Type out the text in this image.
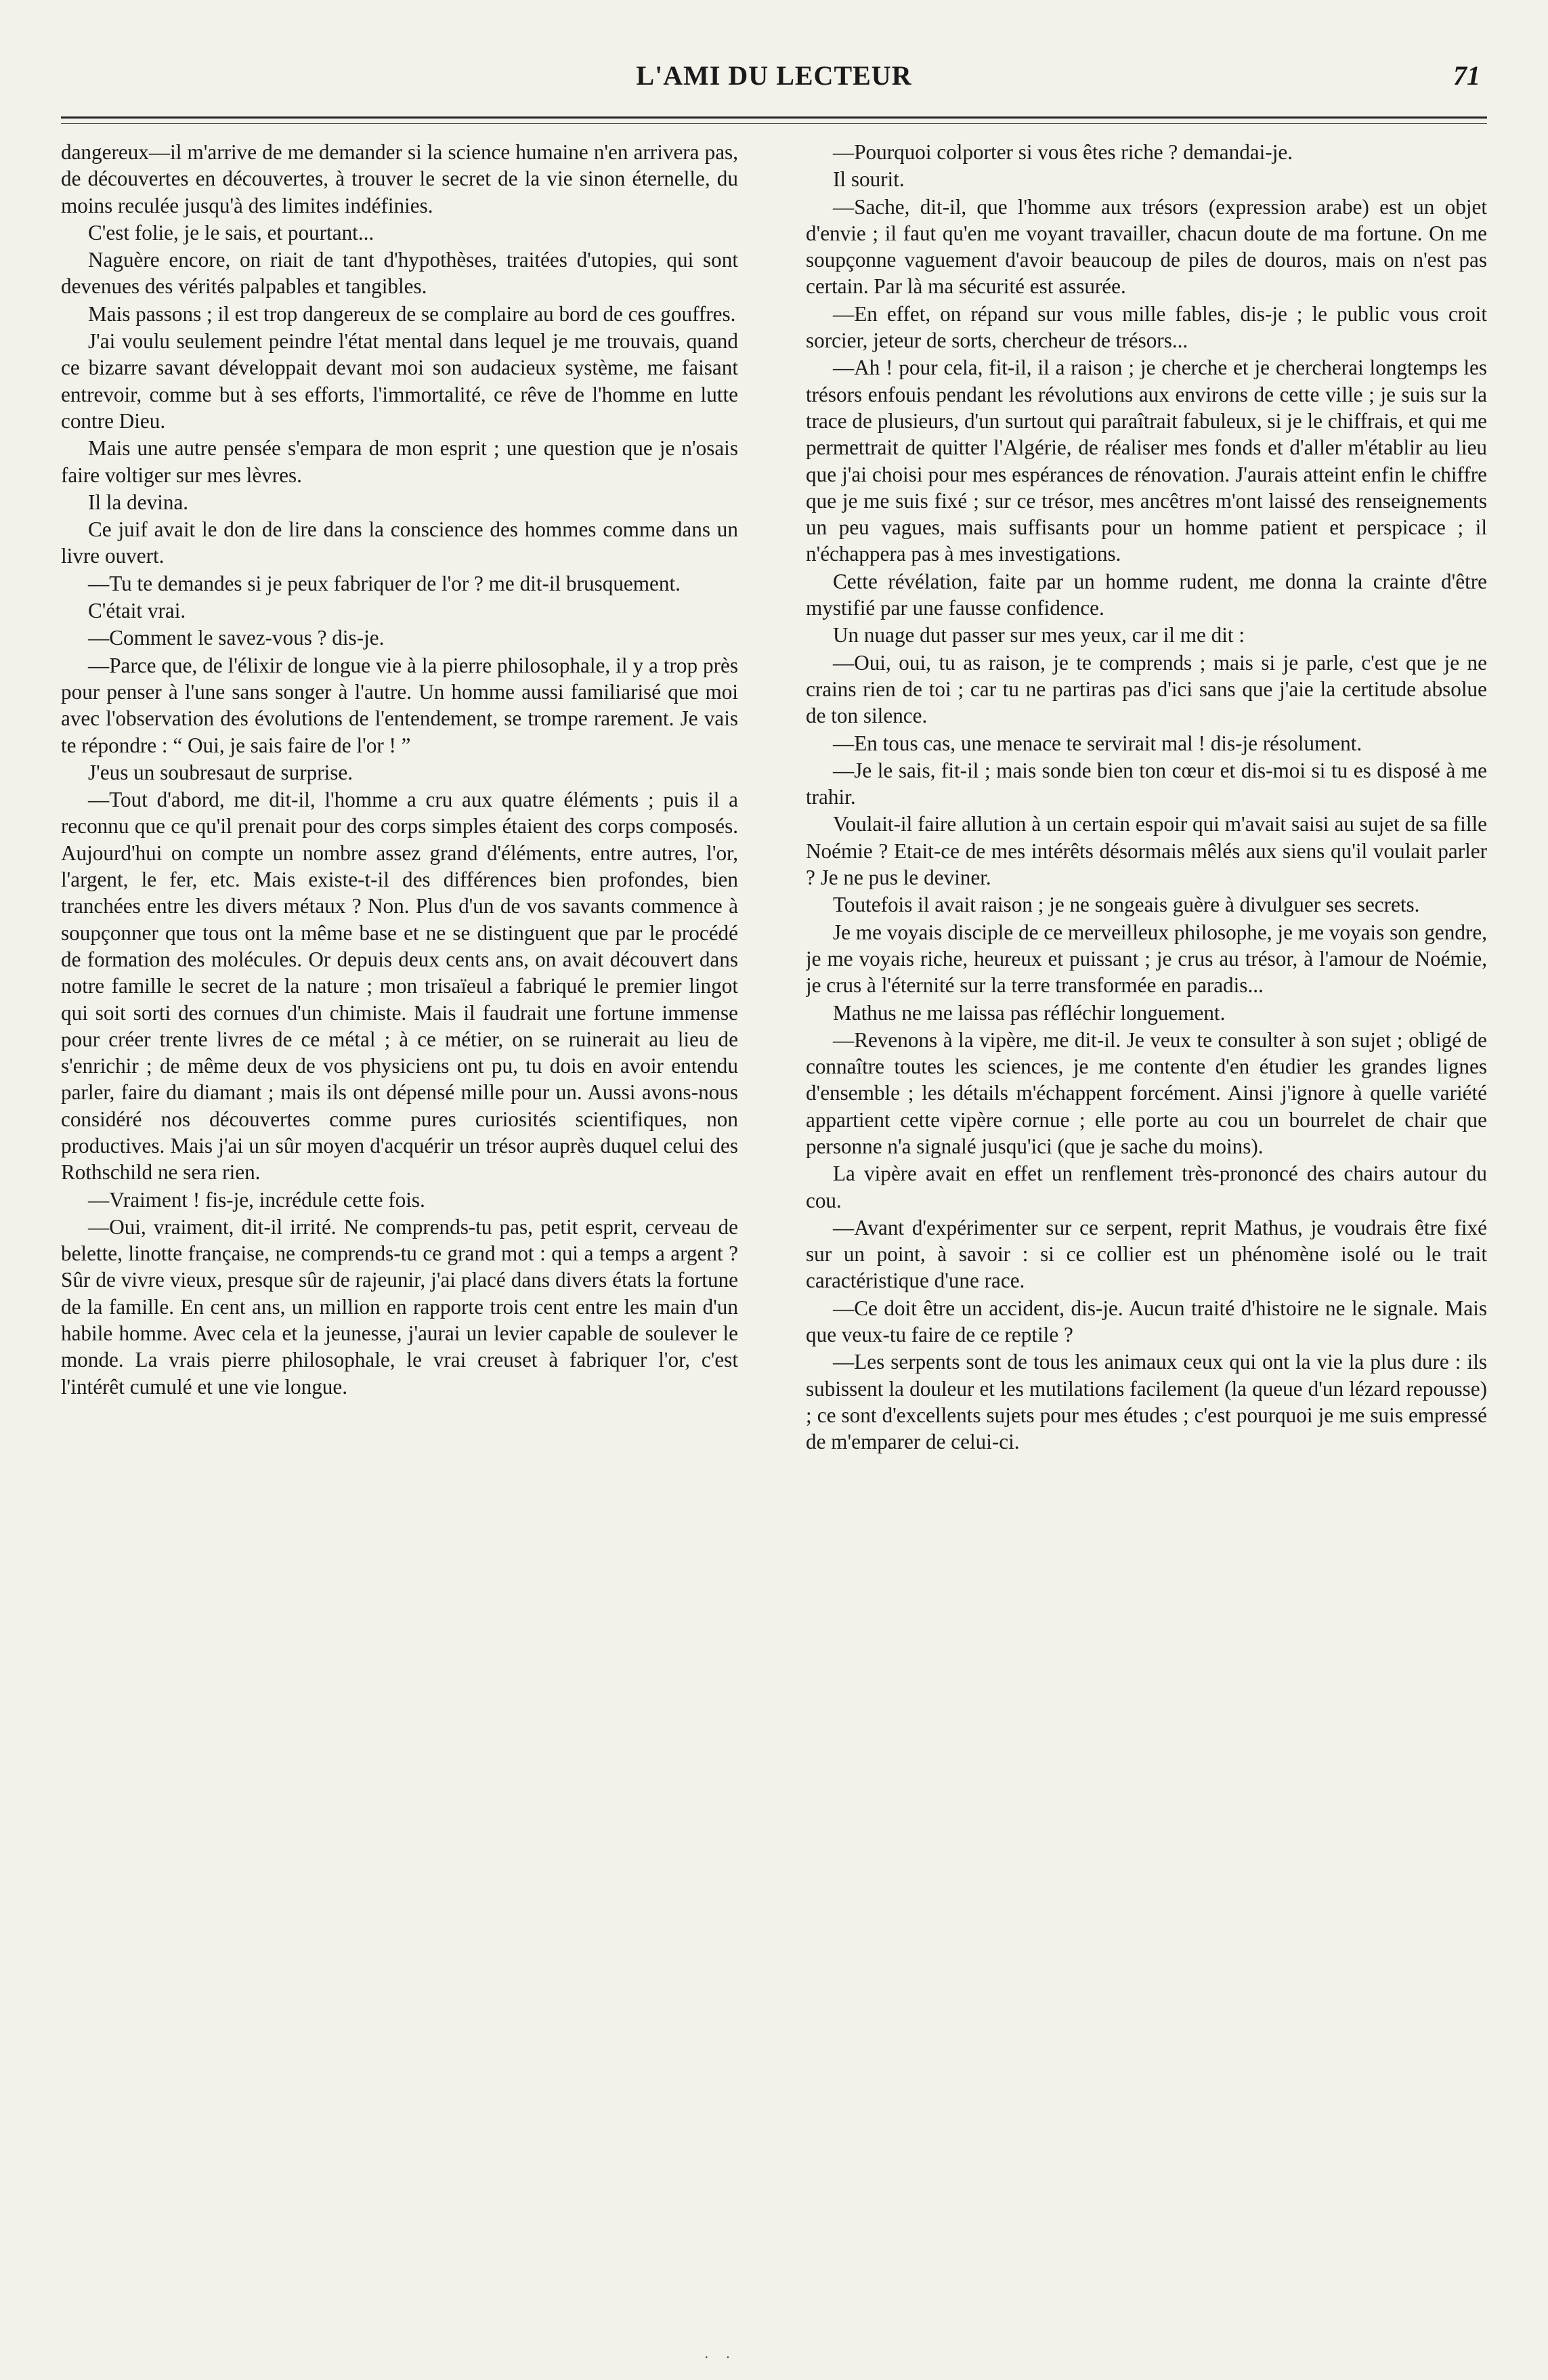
L'AMI DU LECTEUR	71

dangereux—il m'arrive de me demander si la science humaine n'en arrivera pas, de découvertes en découvertes, à trouver le secret de la vie sinon éternelle, du moins reculée jusqu'à des limites indéfinies.

C'est folie, je le sais, et pourtant...

Naguère encore, on riait de tant d'hypothèses, traitées d'utopies, qui sont devenues des vérités palpables et tangibles.

Mais passons ; il est trop dangereux de se complaire au bord de ces gouffres.

J'ai voulu seulement peindre l'état mental dans lequel je me trouvais, quand ce bizarre savant développait devant moi son audacieux système, me faisant entrevoir, comme but à ses efforts, l'immortalité, ce rêve de l'homme en lutte contre Dieu.

Mais une autre pensée s'empara de mon esprit ; une question que je n'osais faire voltiger sur mes lèvres.

Il la devina.

Ce juif avait le don de lire dans la conscience des hommes comme dans un livre ouvert.

—Tu te demandes si je peux fabriquer de l'or ? me dit-il brusquement.

C'était vrai.

—Comment le savez-vous ? dis-je.

—Parce que, de l'élixir de longue vie à la pierre philosophale, il y a trop près pour penser à l'une sans songer à l'autre. Un homme aussi familiarisé que moi avec l'observation des évolutions de l'entendement, se trompe rarement. Je vais te répondre : “ Oui, je sais faire de l'or ! ”

J'eus un soubresaut de surprise.

—Tout d'abord, me dit-il, l'homme a cru aux quatre éléments ; puis il a reconnu que ce qu'il prenait pour des corps simples étaient des corps composés. Aujourd'hui on compte un nombre assez grand d'éléments, entre autres, l'or, l'argent, le fer, etc. Mais existe-t-il des différences bien profondes, bien tranchées entre les divers métaux ? Non. Plus d'un de vos savants commence à soupçonner que tous ont la même base et ne se distinguent que par le procédé de formation des molécules. Or depuis deux cents ans, on avait découvert dans notre famille le secret de la nature ; mon trisaïeul a fabriqué le premier lingot qui soit sorti des cornues d'un chimiste. Mais il faudrait une fortune immense pour créer trente livres de ce métal ; à ce métier, on se ruinerait au lieu de s'enrichir ; de même deux de vos physiciens ont pu, tu dois en avoir entendu parler, faire du diamant ; mais ils ont dépensé mille pour un. Aussi avons-nous considéré nos découvertes comme pures curiosités scientifiques, non productives. Mais j'ai un sûr moyen d'acquérir un trésor auprès duquel celui des Rothschild ne sera rien.

—Vraiment ! fis-je, incrédule cette fois.

—Oui, vraiment, dit-il irrité. Ne comprends-tu pas, petit esprit, cerveau de belette, linotte française, ne comprends-tu ce grand mot : qui a temps a argent ? Sûr de vivre vieux, presque sûr de rajeunir, j'ai placé dans divers états la fortune de la famille. En cent ans, un million en rapporte trois cent entre les main d'un habile homme. Avec cela et la jeunesse, j'aurai un levier capable de soulever le monde. La vrais pierre philosophale, le vrai creuset à fabriquer l'or, c'est l'intérêt cumulé et une vie longue.

—Pourquoi colporter si vous êtes riche ? demandai-je.

Il sourit.

—Sache, dit-il, que l'homme aux trésors (expression arabe) est un objet d'envie ; il faut qu'en me voyant travailler, chacun doute de ma fortune. On me soupçonne vaguement d'avoir beaucoup de piles de douros, mais on n'est pas certain. Par là ma sécurité est assurée.

—En effet, on répand sur vous mille fables, dis-je ; le public vous croit sorcier, jeteur de sorts, chercheur de trésors...

—Ah ! pour cela, fit-il, il a raison ; je cherche et je chercherai longtemps les trésors enfouis pendant les révolutions aux environs de cette ville ; je suis sur la trace de plusieurs, d'un surtout qui paraîtrait fabuleux, si je le chiffrais, et qui me permettrait de quitter l'Algérie, de réaliser mes fonds et d'aller m'établir au lieu que j'ai choisi pour mes espérances de rénovation. J'aurais atteint enfin le chiffre que je me suis fixé ; sur ce trésor, mes ancêtres m'ont laissé des renseignements un peu vagues, mais suffisants pour un homme patient et perspicace ; il n'échappera pas à mes investigations.

Cette révélation, faite par un homme rudent, me donna la crainte d'être mystifié par une fausse confidence.

Un nuage dut passer sur mes yeux, car il me dit :

—Oui, oui, tu as raison, je te comprends ; mais si je parle, c'est que je ne crains rien de toi ; car tu ne partiras pas d'ici sans que j'aie la certitude absolue de ton silence.

—En tous cas, une menace te servirait mal ! dis-je résolument.

—Je le sais, fit-il ; mais sonde bien ton cœur et dis-moi si tu es disposé à me trahir.

Voulait-il faire allution à un certain espoir qui m'avait saisi au sujet de sa fille Noémie ? Etait-ce de mes intérêts désormais mêlés aux siens qu'il voulait parler ? Je ne pus le deviner.

Toutefois il avait raison ; je ne songeais guère à divulguer ses secrets.

Je me voyais disciple de ce merveilleux philosophe, je me voyais son gendre, je me voyais riche, heureux et puissant ; je crus au trésor, à l'amour de Noémie, je crus à l'éternité sur la terre transformée en paradis...

Mathus ne me laissa pas réfléchir longuement.

—Revenons à la vipère, me dit-il. Je veux te consulter à son sujet ; obligé de connaître toutes les sciences, je me contente d'en étudier les grandes lignes d'ensemble ; les détails m'échappent forcément. Ainsi j'ignore à quelle variété appartient cette vipère cornue ; elle porte au cou un bourrelet de chair que personne n'a signalé jusqu'ici (que je sache du moins).

La vipère avait en effet un renflement très-prononcé des chairs autour du cou.

—Avant d'expérimenter sur ce serpent, reprit Mathus, je voudrais être fixé sur un point, à savoir : si ce collier est un phénomène isolé ou le trait caractéristique d'une race.

—Ce doit être un accident, dis-je. Aucun traité d'histoire ne le signale. Mais que veux-tu faire de ce reptile ?

—Les serpents sont de tous les animaux ceux qui ont la vie la plus dure : ils subissent la douleur et les mutilations facilement (la queue d'un lézard repousse) ; ce sont d'excellents sujets pour mes études ; c'est pourquoi je me suis empressé de m'emparer de celui-ci.

·     ·
